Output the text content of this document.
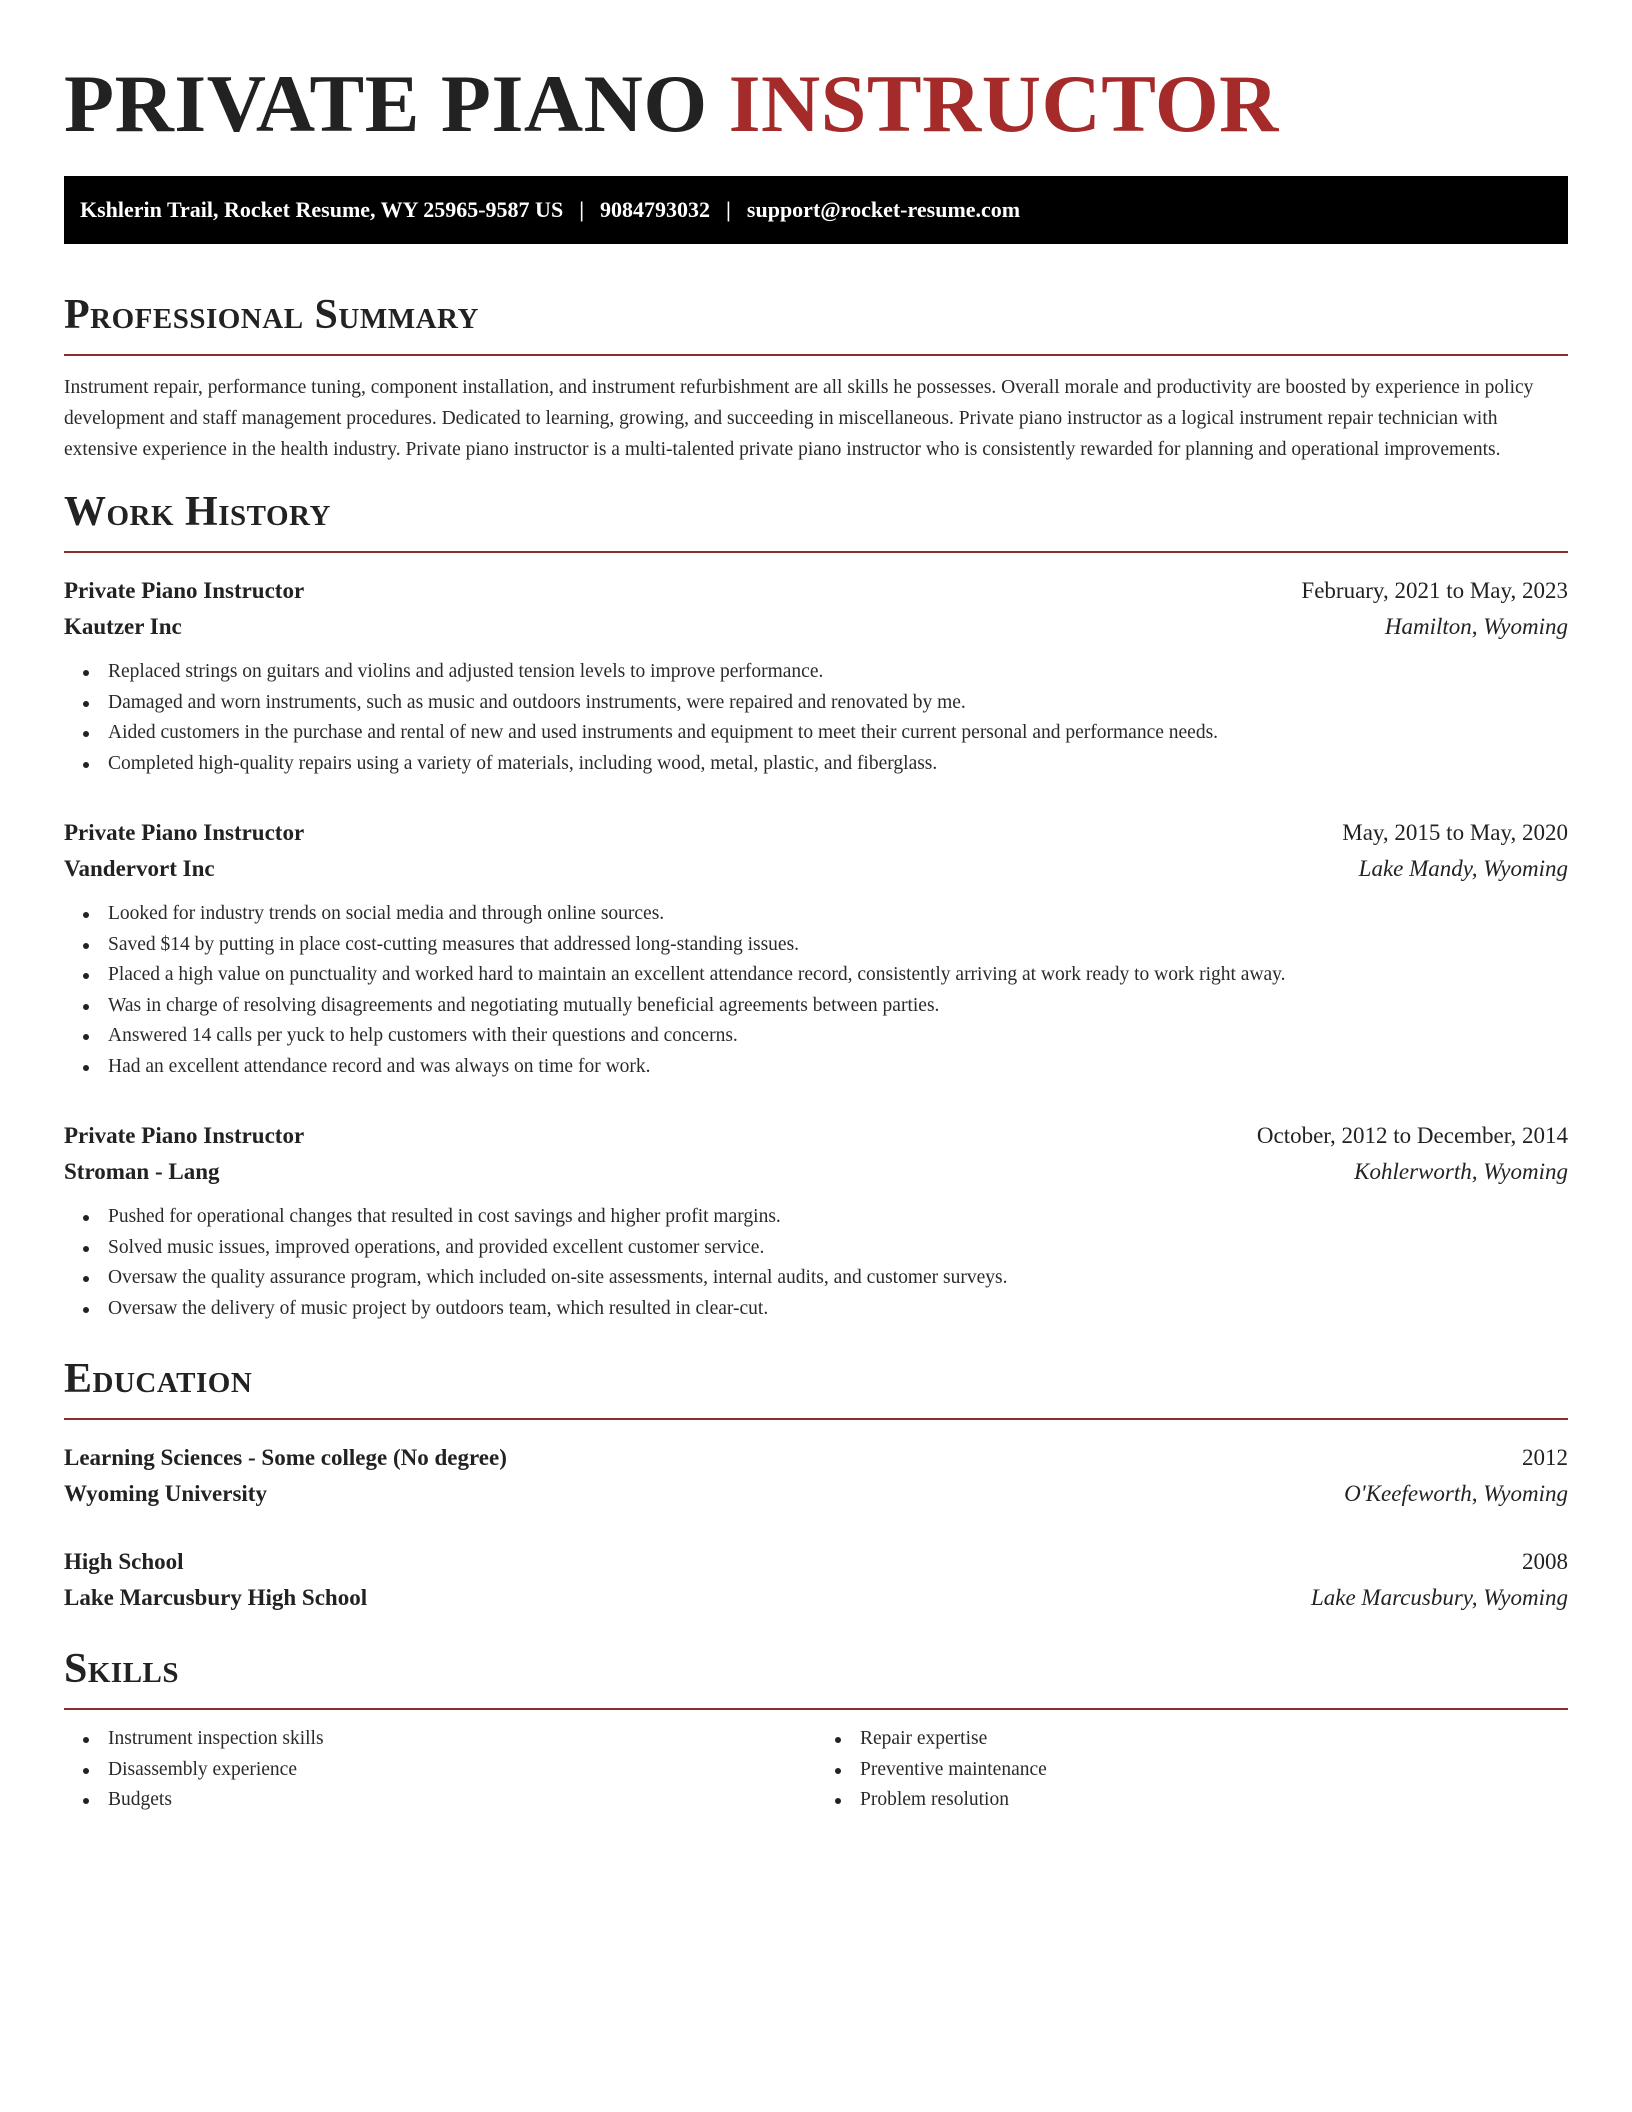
PRIVATE PIANO INSTRUCTOR
Kshlerin Trail, Rocket Resume, WY 25965-9587 US | 9084793032 | support@rocket-resume.com
Professional Summary

Instrument repair, performance tuning, component installation, and instrument refurbishment are all skills he possesses. Overall morale and productivity are boosted by experience in policy development and staff management procedures. Dedicated to learning, growing, and succeeding in miscellaneous. Private piano instructor as a logical instrument repair technician with extensive experience in the health industry. Private piano instructor is a multi-talented private piano instructor who is consistently rewarded for planning and operational improvements.

Work History
Private Piano Instructor	February, 2021 to May, 2023
Kautzer Inc	Hamilton, Wyoming
Replaced strings on guitars and violins and adjusted tension levels to improve performance.
Damaged and worn instruments, such as music and outdoors instruments, were repaired and renovated by me.
Aided customers in the purchase and rental of new and used instruments and equipment to meet their current personal and performance needs.
Completed high-quality repairs using a variety of materials, including wood, metal, plastic, and fiberglass.
Private Piano Instructor	May, 2015 to May, 2020
Vandervort Inc	Lake Mandy, Wyoming
Looked for industry trends on social media and through online sources.
Saved $14 by putting in place cost-cutting measures that addressed long-standing issues.
Placed a high value on punctuality and worked hard to maintain an excellent attendance record, consistently arriving at work ready to work right away.
Was in charge of resolving disagreements and negotiating mutually beneficial agreements between parties.
Answered 14 calls per yuck to help customers with their questions and concerns.
Had an excellent attendance record and was always on time for work.
Private Piano Instructor	October, 2012 to December, 2014
Stroman - Lang	Kohlerworth, Wyoming
Pushed for operational changes that resulted in cost savings and higher profit margins.
Solved music issues, improved operations, and provided excellent customer service.
Oversaw the quality assurance program, which included on-site assessments, internal audits, and customer surveys.
Oversaw the delivery of music project by outdoors team, which resulted in clear-cut.
Education
Learning Sciences - Some college (No degree)	2012
Wyoming University	O'Keefeworth, Wyoming
High School	2008
Lake Marcusbury High School	Lake Marcusbury, Wyoming
Skills
Instrument inspection skills
Disassembly experience
Budgets
Repair expertise
Preventive maintenance
Problem resolution
